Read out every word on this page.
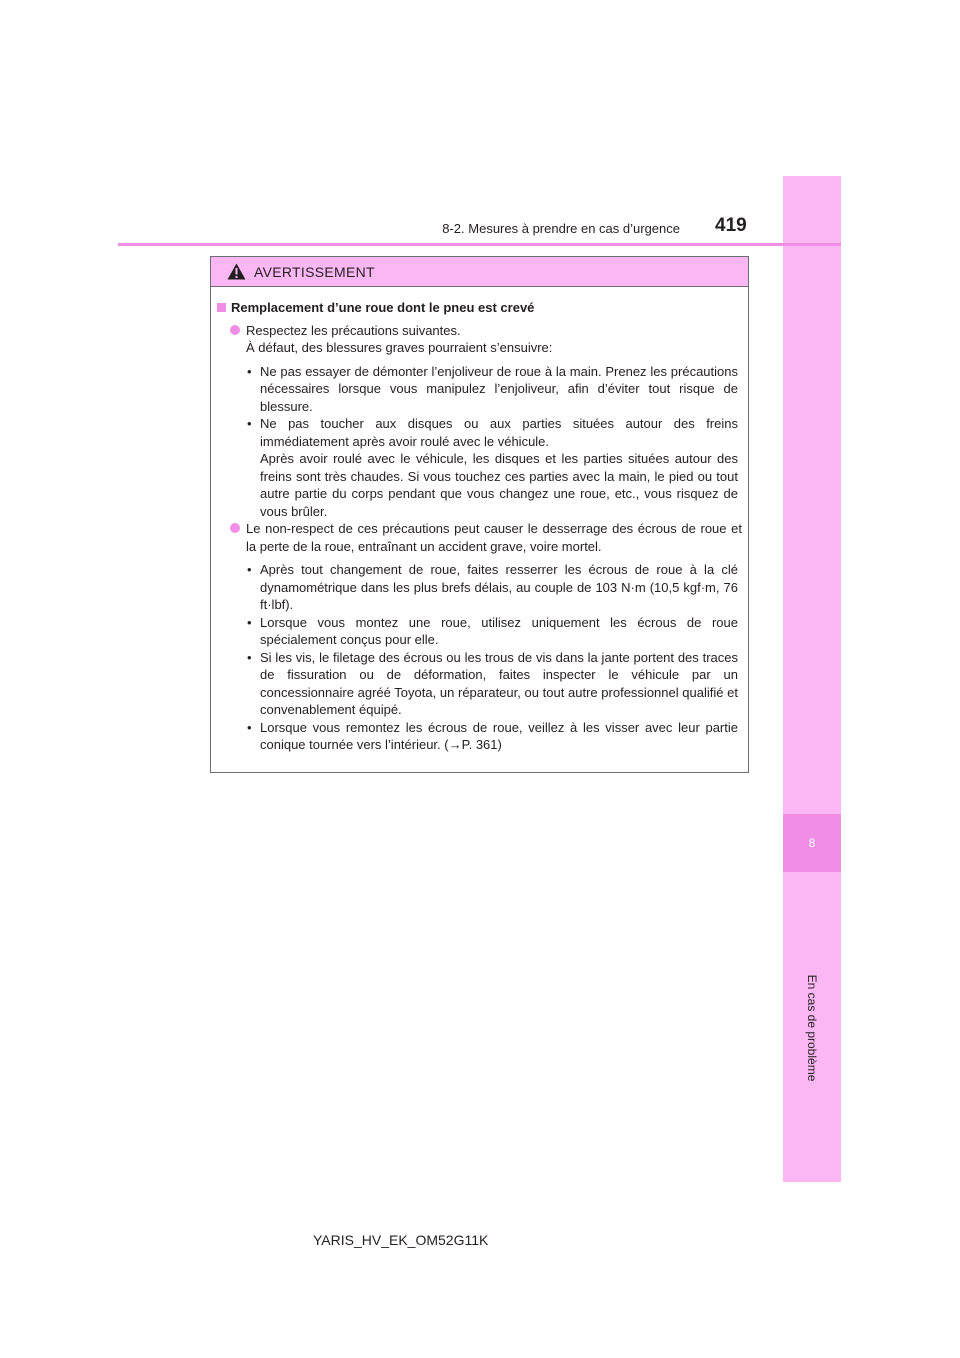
8
En cas de problème
8-2. Mesures à prendre en cas d’urgence 419
AVERTISSEMENT
Remplacement d’une roue dont le pneu est crevé

Respectez les précautions suivantes.

À défaut, des blessures graves pourraient s’ensuivre:

• Ne pas essayer de démonter l’enjoliveur de roue à la main. Prenez les précautions nécessaires lorsque vous manipulez l’enjoliveur, afin d’éviter tout risque de blessure.

• Ne pas toucher aux disques ou aux parties situées autour des freins immédiatement après avoir roulé avec le véhicule.

Après avoir roulé avec le véhicule, les disques et les parties situées autour des freins sont très chaudes. Si vous touchez ces parties avec la main, le pied ou tout autre partie du corps pendant que vous changez une roue, etc., vous risquez de vous brûler.

Le non-respect de ces précautions peut causer le desserrage des écrous de roue et la perte de la roue, entraînant un accident grave, voire mortel.

• Après tout changement de roue, faites resserrer les écrous de roue à la clé dynamométrique dans les plus brefs délais, au couple de 103 N·m (10,5 kgf·m, 76 ft·lbf).

• Lorsque vous montez une roue, utilisez uniquement les écrous de roue spécialement conçus pour elle.

• Si les vis, le filetage des écrous ou les trous de vis dans la jante portent des traces de fissuration ou de déformation, faites inspecter le véhicule par un concessionnaire agréé Toyota, un réparateur, ou tout autre professionnel qualifié et convenablement équipé.

• Lorsque vous remontez les écrous de roue, veillez à les visser avec leur partie conique tournée vers l’intérieur. (→P. 361)

YARIS_HV_EK_OM52G11K
